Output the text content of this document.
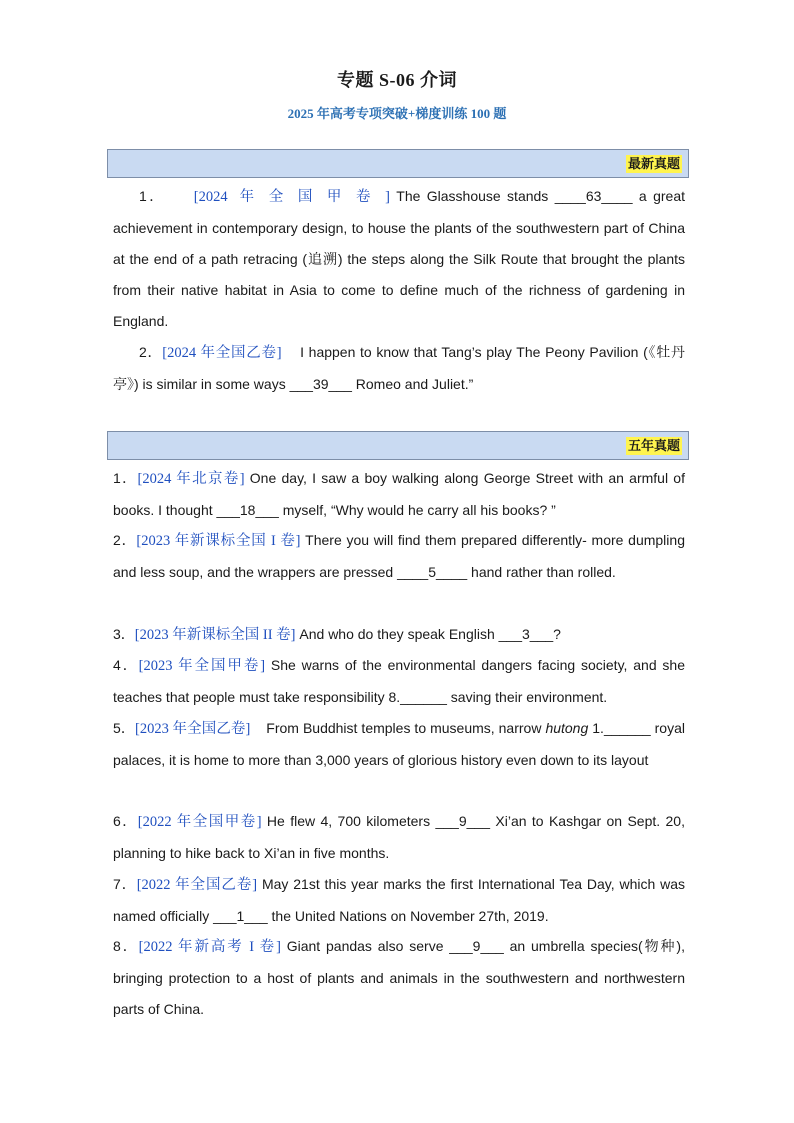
专题 S-06 介词
2025 年高考专项突破+梯度训练 100 题
最新真题
1． [2024 年 全 国 甲 卷 ] The Glasshouse stands ____63____ a great achievement in contemporary design, to house the plants of the southwestern part of China at the end of a path retracing (追溯) the steps along the Silk Route that brought the plants from their native habitat in Asia to come to define much of the richness of gardening in England.
2．[2024 年全国乙卷]    I happen to know that Tang’s play The Peony Pavilion (《牡丹亭》) is similar in some ways ___39___ Romeo and Juliet.”
五年真题
1．[2024 年北京卷] One day, I saw a boy walking along George Street with an armful of books. I thought ___18___ myself, “Why would he carry all his books? ”
2．[2023 年新课标全国 I 卷] There you will find them prepared differently- more dumpling and less soup, and the wrappers are pressed ____5____ hand rather than rolled.
3．[2023 年新课标全国 II 卷] And who do they speak English ___3___?
4．[2023 年全国甲卷] She warns of the environmental dangers facing society, and she teaches that people must take responsibility 8.______ saving their environment.
5．[2023 年全国乙卷]    From Buddhist temples to museums, narrow hutong 1.______ royal palaces, it is home to more than 3,000 years of glorious history even down to its layout
6．[2022 年全国甲卷] He flew 4, 700 kilometers ___9___ Xi’an to Kashgar on Sept. 20, planning to hike back to Xi’an in five months.
7．[2022 年全国乙卷] May 21st this year marks the first International Tea Day, which was named officially ___1___ the United Nations on November 27th, 2019.
8．[2022 年新高考 I 卷] Giant pandas also serve ___9___ an umbrella species(物种), bringing protection to a host of plants and animals in the southwestern and northwestern parts of China.
